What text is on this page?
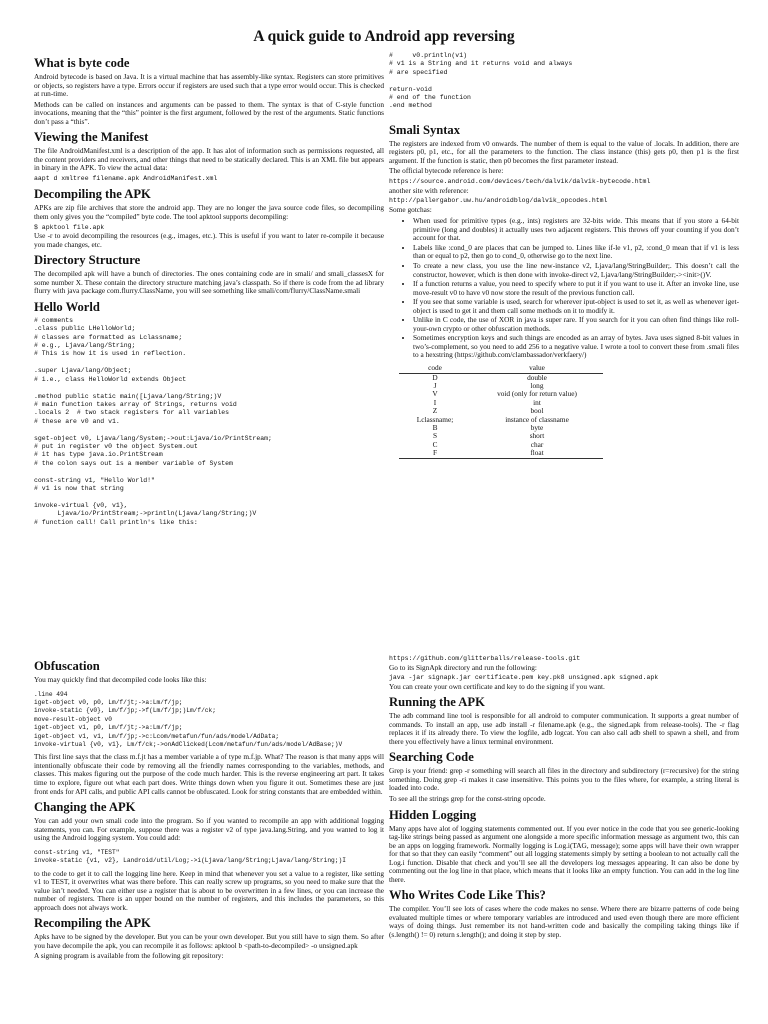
A quick guide to Android app reversing
What is byte code

Android bytecode is based on Java. It is a virtual machine that has assembly-like syntax. Registers can store primitives or objects, so registers have a type. Errors occur if registers are used such that a type error would occur. This is checked at run-time.

Methods can be called on instances and arguments can be passed to them. The syntax is that of C-style function invocations, meaning that the “this” pointer is the first argument, followed by the rest of the arguments. Static functions don’t pass a “this”.

Viewing the Manifest

The file AndroidManifest.xml is a description of the app. It has alot of information such as permissions requested, all the content providers and receivers, and other things that need to be statically declared. This is an XML file but appears in binary in the APK. To view the actual data:

aapt d xmltree filename.apk AndroidManifest.xml
Decompiling the APK

APKs are zip file archives that store the android app. They are no longer the java source code files, so decompiling them only gives you the “compiled” byte code. The tool apktool supports decompiling:

$ apktool file.apk

Use -r to avoid decompiling the resources (e.g., images, etc.). This is useful if you want to later re-compile it because you made changes, etc.

Directory Structure

The decompiled apk will have a bunch of directories. The ones containing code are in smali/ and smali_classesX for some number X. These contain the directory structure matching java’s classpath. So if there is code from the ad library flurry with java package com.flurry.ClassName, you will see something like smali/com/flurry/ClassName.smali

Hello World
# comments
.class public LHelloWorld;
# classes are formatted as Lclassname;
# e.g., Ljava/lang/String;
# This is how it is used in reflection.

.super Ljava/lang/Object;
# i.e., class HelloWorld extends Object

.method public static main([Ljava/lang/String;)V
# main function takes array of Strings, returns void
.locals 2  # two stack registers for all variables
# these are v0 and v1.

sget-object v0, Ljava/lang/System;->out:Ljava/io/PrintStream;
# put in register v0 the object System.out
# it has type java.io.PrintStream
# the colon says out is a member variable of System

const-string v1, "Hello World!"
# v1 is now that string

invoke-virtual {v0, v1},
Ljava/io/PrintStream;->println(Ljava/lang/String;)V
# function call! Call println's like this:
#     v0.println(v1)
# v1 is a String and it returns void and always
# are specified

return-void
# end of the function
.end method
Smali Syntax

The registers are indexed from v0 onwards. The number of them is equal to the value of .locals. In addition, there are registers p0, p1, etc., for all the parameters to the function. The class instance (this) gets p0, then p1 is the first argument. If the function is static, then p0 becomes the first parameter instead.

The official bytecode reference is here:

https://source.android.com/devices/tech/dalvik/dalvik-bytecode.html

another site with reference:

http://pallergabor.uw.hu/androidblog/dalvik_opcodes.html

Some gotchas:

• When used for primitive types (e.g., ints) registers are 32-bits wide. This means that if you store a 64-bit primitive (long and doubles) it actually uses two adjacent registers. This throws off your counting if you don’t account for that.
• Labels like :cond_0 are places that can be jumped to. Lines like if-le v1, p2, :cond_0 mean that if v1 is less than or equal to p2, then go to cond_0, otherwise go to the next line.
• To create a new class, you use the line new-instance v2, Ljava/lang/StringBuilder;. This doesn’t call the constructor, however, which is then done with invoke-direct v2, Ljava/lang/StringBuilder;-><init>()V.
• If a function returns a value, you need to specify where to put it if you want to use it. After an invoke line, use move-result v0 to have v0 now store the result of the previous function call.
• If you see that some variable is used, search for wherever iput-object is used to set it, as well as whenever iget-object is used to get it and them call some methods on it to modify it.
• Unlike in C code, the use of XOR in java is super rare. If you search for it you can often find things like roll-your-own crypto or other obfuscation methods.
• Sometimes encryption keys and such things are encoded as an array of bytes. Java uses signed 8-bit values in two’s-complement, so you need to add 256 to a negative value. I wrote a tool to convert these from .smali files to a hexstring (https://github.com/clambassador/verkfaery/)
code	value
D	double
J	long
V	void (only for return value)
I	int
Z	bool
Lclassname;	instance of classname
B	byte
S	short
C	char
F	float

Obfuscation

You may quickly find that decompiled code looks like this:

.line 494
iget-object v0, p0, Lm/f/jt;->a:Lm/f/jp;
invoke-static {v0}, Lm/f/jp;->f(Lm/f/jp;)Lm/f/ck;
move-result-object v0
iget-object v1, p0, Lm/f/jt;->a:Lm/f/jp;
iget-object v1, v1, Lm/f/jp;->c:Lcom/metafun/fun/ads/model/AdData;
invoke-virtual {v0, v1}, Lm/f/ck;->onAdClicked(Lcom/metafun/fun/ads/model/AdBase;)V

This first line says that the class m.f.jt has a member variable a of type m.f.jp. What? The reason is that many apps will intentionally obfuscate their code by removing all the friendly names corresponding to the variables, methods, and classes. This makes figuring out the purpose of the code much harder. This is the reverse engineering art part. It takes time to explore, figure out what each part does. Write things down when you figure it out. Sometimes these are just front ends for API calls, and public API calls cannot be obfuscated. Look for string constants that are embedded within.

Changing the APK

You can add your own smali code into the program. So if you wanted to recompile an app with additional logging statements, you can. For example, suppose there was a register v2 of type java.lang.String, and you wanted to log it using the Android logging system. You could add:

const-string v1, "TEST"
invoke-static {v1, v2}, Landroid/util/Log;->i(Ljava/lang/String;Ljava/lang/String;)I

to the code to get it to call the logging line here. Keep in mind that whenever you set a value to a register, like setting v1 to TEST, it overwrites what was there before. This can really screw up programs, so you need to make sure that the value isn’t needed. You can either use a register that is about to be overwritten in a few lines, or you can increase the number of registers. There is an upper bound on the number of registers, and this includes the parameters, so this approach does not always work.

Recompiling the APK

Apks have to be signed by the developer. But you can be your own developer. But you still have to sign them. So after you have decompile the apk, you can recompile it as follows: apktool b <path-to-decompiled> -o unsigned.apk

A signing program is available from the following git repository:

https://github.com/glitterballs/release-tools.git

Go to its SignApk directory and run the following:

java -jar signapk.jar certificate.pem key.pk8 unsigned.apk signed.apk

You can create your own certificate and key to do the signing if you want.

Running the APK

The adb command line tool is responsible for all android to computer communication. It supports a great number of commands. To install an app, use adb install -r filename.apk (e.g., the signed.apk from release-tools). The -r flag replaces it if its already there. To view the logfile, adb logcat. You can also call adb shell to spawn a shell, and from there you effectively have a linux terminal environment.

Searching Code

Grep is your friend: grep -r something will search all files in the directory and subdirectory (r=recursive) for the string something. Doing grep -ri makes it case insensitive. This points you to the files where, for example, a string literal is loaded into code.

To see all the strings grep for the const-string opcode.

Hidden Logging

Many apps have alot of logging statements commented out. If you ever notice in the code that you see generic-looking tag-like strings being passed as argument one alongside a more specific information message as argument two, this can be an apps on logging framework. Normally logging is Log.i(TAG, message); some apps will have their own wrapper for that so that they can easily “comment” out all logging statements simply by setting a boolean to not actually call the Log.i function. Disable that check and you’ll see all the developers log messages appearing. It can also be done by commenting out the log line in that place, which means that it looks like an empty function. You can add in the log line there.

Who Writes Code Like This?

The compiler. You’ll see lots of cases where the code makes no sense. Where there are bizarre patterns of code being evaluated multiple times or where temporary variables are introduced and used even though there are more efficient ways of doing things. Just remember its not hand-written code and basically the compiling taking things like if (s.length() != 0) return s.length(); and doing it step by step.
